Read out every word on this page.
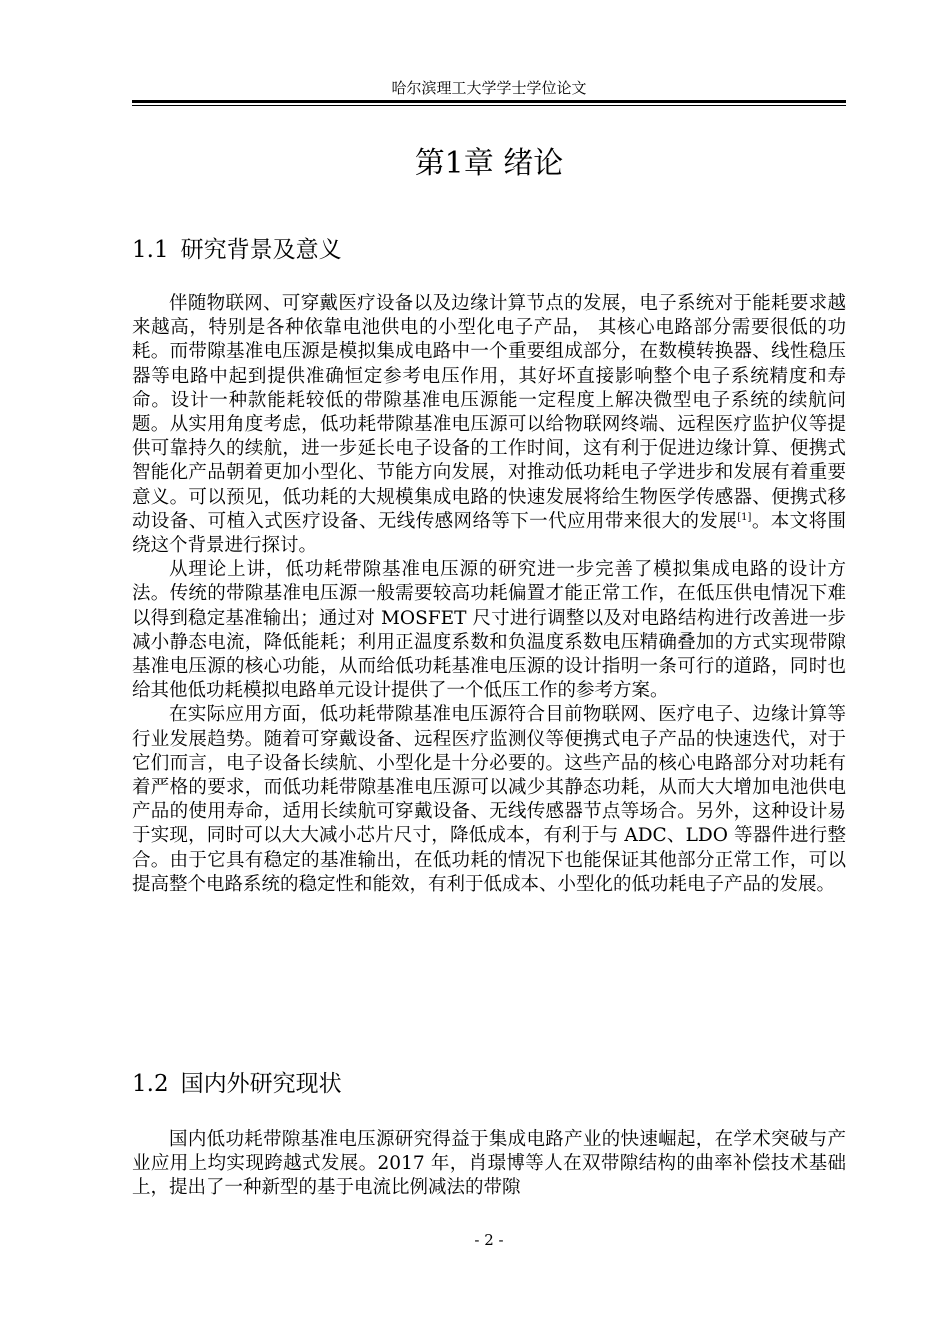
哈尔滨理工大学学士学位论文
第1章 绪论
1.1 研究背景及意义

伴随物联网、可穿戴医疗设备以及边缘计算节点的发展，电子系统对于能耗要求越来越高，特别是各种依靠电池供电的小型化电子产品， 其核心电路部分需要很低的功耗。而带隙基准电压源是模拟集成电路中一个重要组成部分，在数模转换器、线性稳压器等电路中起到提供准确恒定参考电压作用，其好坏直接影响整个电子系统精度和寿命。设计一种款能耗较低的带隙基准电压源能一定程度上解决微型电子系统的续航问题。从实用角度考虑，低功耗带隙基准电压源可以给物联网终端、远程医疗监护仪等提供可靠持久的续航，进一步延长电子设备的工作时间，这有利于促进边缘计算、便携式智能化产品朝着更加小型化、节能方向发展，对推动低功耗电子学进步和发展有着重要意义。可以预见，低功耗的大规模集成电路的快速发展将给生物医学传感器、便携式移动设备、可植入式医疗设备、无线传感网络等下一代应用带来很大的发展[1]。本文将围绕这个背景进行探讨。

从理论上讲，低功耗带隙基准电压源的研究进一步完善了模拟集成电路的设计方法。传统的带隙基准电压源一般需要较高功耗偏置才能正常工作，在低压供电情况下难以得到稳定基准输出；通过对 MOSFET 尺寸进行调整以及对电路结构进行改善进一步减小静态电流，降低能耗；利用正温度系数和负温度系数电压精确叠加的方式实现带隙基准电压源的核心功能，从而给低功耗基准电压源的设计指明一条可行的道路，同时也给其他低功耗模拟电路单元设计提供了一个低压工作的参考方案。

在实际应用方面，低功耗带隙基准电压源符合目前物联网、医疗电子、边缘计算等行业发展趋势。随着可穿戴设备、远程医疗监测仪等便携式电子产品的快速迭代，对于它们而言，电子设备长续航、小型化是十分必要的。这些产品的核心电路部分对功耗有着严格的要求，而低功耗带隙基准电压源可以减少其静态功耗，从而大大增加电池供电产品的使用寿命，适用长续航可穿戴设备、无线传感器节点等场合。另外，这种设计易于实现，同时可以大大减小芯片尺寸，降低成本，有利于与 ADC、LDO 等器件进行整合。由于它具有稳定的基准输出，在低功耗的情况下也能保证其他部分正常工作，可以提高整个电路系统的稳定性和能效，有利于低成本、小型化的低功耗电子产品的发展。

1.2 国内外研究现状

国内低功耗带隙基准电压源研究得益于集成电路产业的快速崛起，在学术突破与产业应用上均实现跨越式发展。2017 年，肖璟博等人在双带隙结构的曲率补偿技术基础上，提出了一种新型的基于电流比例减法的带隙

- 2 -
